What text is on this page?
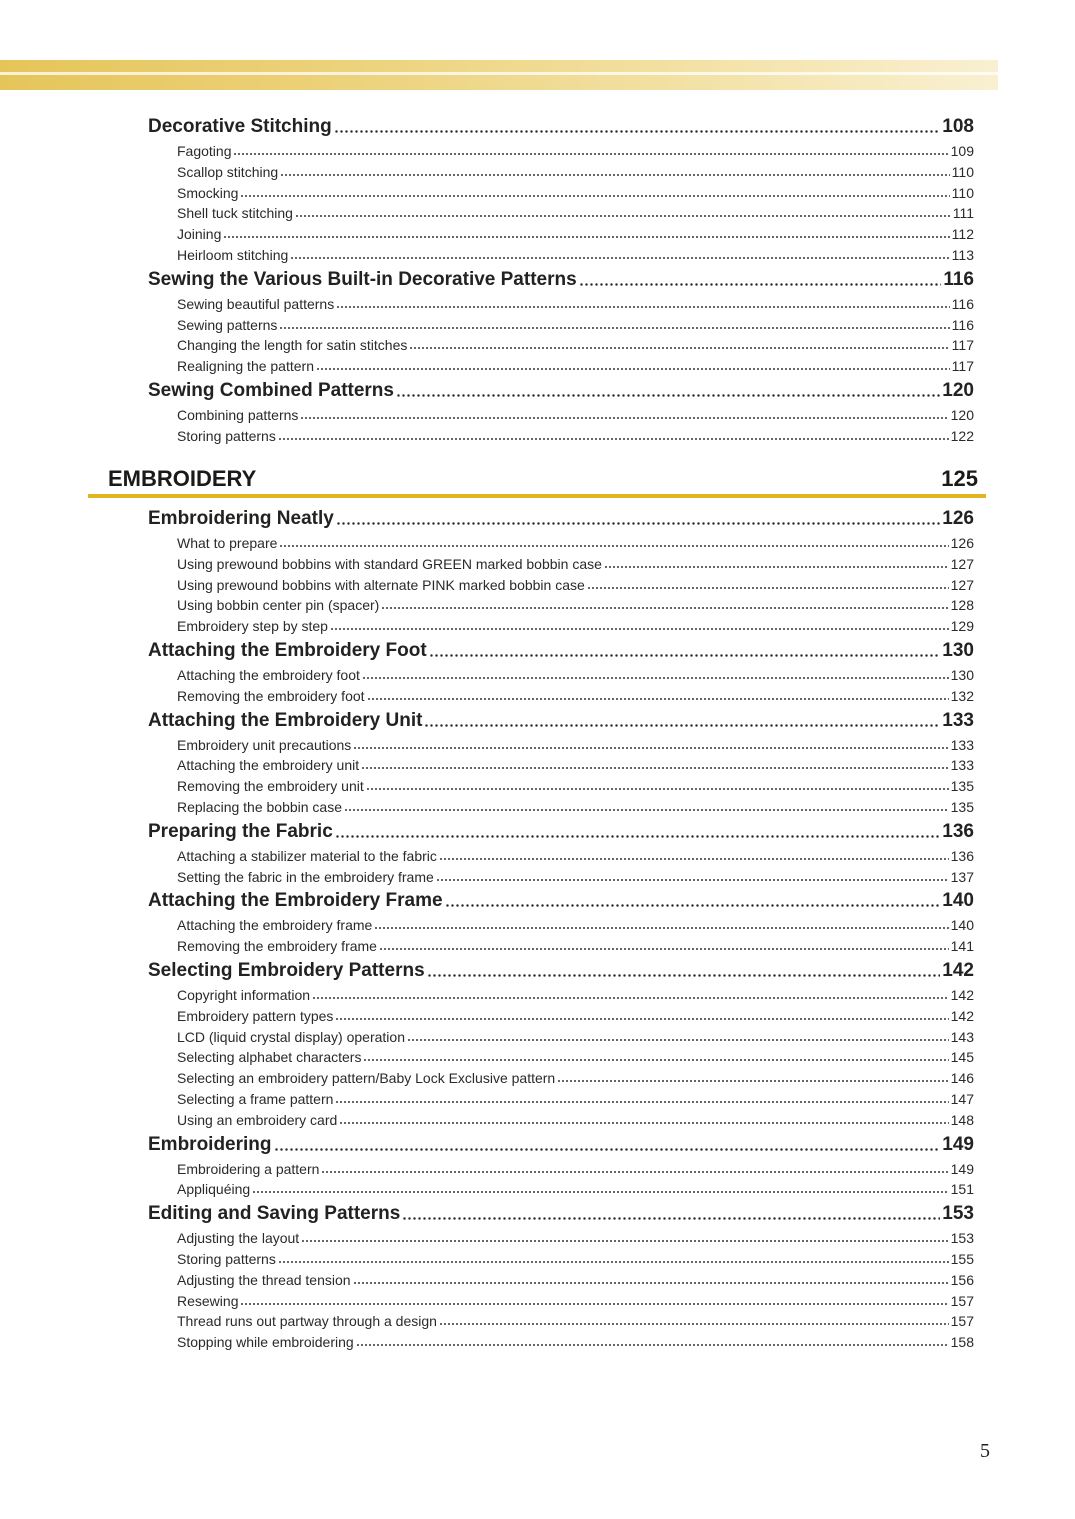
Decorative Stitching	108
Fagoting	109
Scallop stitching	110
Smocking	110
Shell tuck stitching	111
Joining	112
Heirloom stitching	113
Sewing the Various Built-in Decorative Patterns	116
Sewing beautiful patterns	116
Sewing patterns	116
Changing the length for satin stitches	117
Realigning the pattern	117
Sewing Combined Patterns	120
Combining patterns	120
Storing patterns	122
Embroidering Neatly	126
What to prepare	126
Using prewound bobbins with standard GREEN marked bobbin case	127
Using prewound bobbins with alternate PINK marked bobbin case	127
Using bobbin center pin (spacer)	128
Embroidery step by step	129
Attaching the Embroidery Foot	130
Attaching the embroidery foot	130
Removing the embroidery foot	132
Attaching the Embroidery Unit	133
Embroidery unit precautions	133
Attaching the embroidery unit	133
Removing the embroidery unit	135
Replacing the bobbin case	135
Preparing the Fabric	136
Attaching a stabilizer material to the fabric	136
Setting the fabric in the embroidery frame	137
Attaching the Embroidery Frame	140
Attaching the embroidery frame	140
Removing the embroidery frame	141
Selecting Embroidery Patterns	142
Copyright information	142
Embroidery pattern types	142
LCD (liquid crystal display) operation	143
Selecting alphabet characters	145
Selecting an embroidery pattern/Baby Lock Exclusive pattern	146
Selecting a frame pattern	147
Using an embroidery card	148
Embroidering	149
Embroidering a pattern	149
Appliquéing	151
Editing and Saving Patterns	153
Adjusting the layout	153
Storing patterns	155
Adjusting the thread tension	156
Resewing	157
Thread runs out partway through a design	157
Stopping while embroidering	158
EMBROIDERY	125
5
